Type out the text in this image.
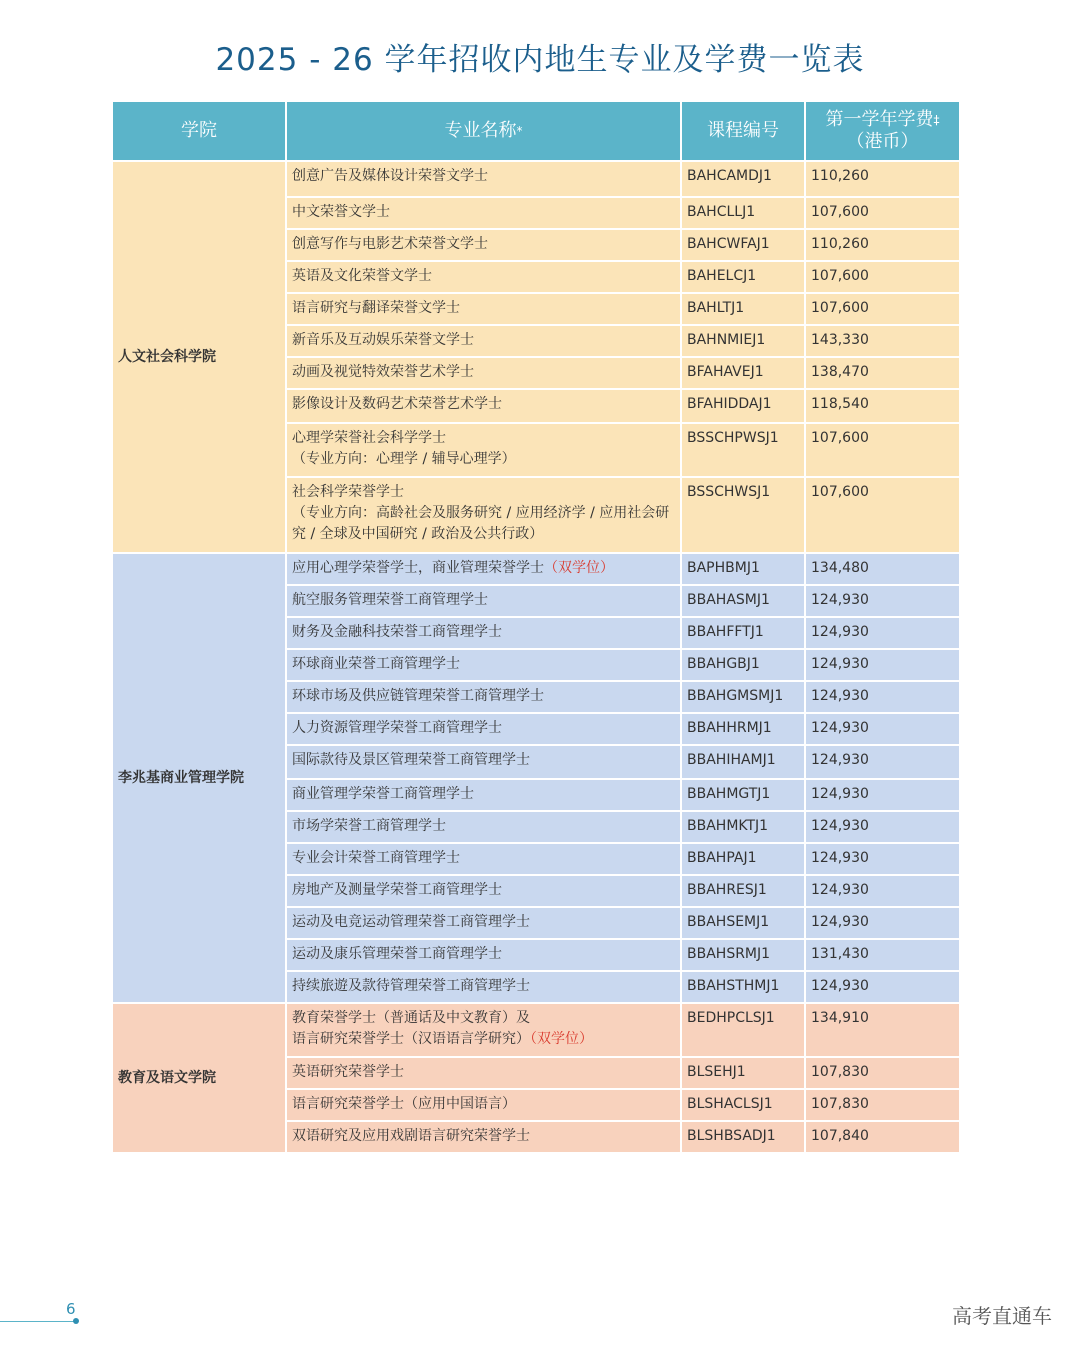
2025 - 26 学年招收内地生专业及学费一览表
学院	专业名称*	课程编号	第一学年学费‡
（港币）
人文社会科学院	创意广告及媒体设计荣誉文学士	BAHCAMDJ1	110,260
	中文荣誉文学士	BAHCLLJ1	107,600
	创意写作与电影艺术荣誉文学士	BAHCWFAJ1	110,260
	英语及文化荣誉文学士	BAHELCJ1	107,600
	语言研究与翻译荣誉文学士	BAHLTJ1	107,600
	新音乐及互动娱乐荣誉文学士	BAHNMIEJ1	143,330
	动画及视觉特效荣誉艺术学士	BFAHAVEJ1	138,470
	影像设计及数码艺术荣誉艺术学士	BFAHIDDAJ1	118,540
	心理学荣誉社会科学学士
（专业方向：心理学 / 辅导心理学）	BSSCHPWSJ1	107,600
	社会科学荣誉学士
（专业方向：高龄社会及服务研究 / 应用经济学 / 应用社会研究 / 全球及中国研究 / 政治及公共行政）	BSSCHWSJ1	107,600
李兆基商业管理学院	应用心理学荣誉学士，商业管理荣誉学士（双学位）	BAPHBMJ1	134,480
	航空服务管理荣誉工商管理学士	BBAHASMJ1	124,930
	财务及金融科技荣誉工商管理学士	BBAHFFTJ1	124,930
	环球商业荣誉工商管理学士	BBAHGBJ1	124,930
	环球市场及供应链管理荣誉工商管理学士	BBAHGMSMJ1	124,930
	人力资源管理学荣誉工商管理学士	BBAHHRMJ1	124,930
	国际款待及景区管理荣誉工商管理学士	BBAHIHAMJ1	124,930
	商业管理学荣誉工商管理学士	BBAHMGTJ1	124,930
	市场学荣誉工商管理学士	BBAHMKTJ1	124,930
	专业会计荣誉工商管理学士	BBAHPAJ1	124,930
	房地产及测量学荣誉工商管理学士	BBAHRESJ1	124,930
	运动及电竞运动管理荣誉工商管理学士	BBAHSEMJ1	124,930
	运动及康乐管理荣誉工商管理学士	BBAHSRMJ1	131,430
	持续旅遊及款待管理荣誉工商管理学士	BBAHSTHMJ1	124,930
教育及语文学院	教育荣誉学士（普通话及中文教育）及
语言研究荣誉学士（汉语语言学研究）（双学位）	BEDHPCLSJ1	134,910
	英语研究荣誉学士	BLSEHJ1	107,830
	语言研究荣誉学士（应用中国语言）	BLSHACLSJ1	107,830
	双语研究及应用戏剧语言研究荣誉学士	BLSHBSADJ1	107,840
6	高考直通车
